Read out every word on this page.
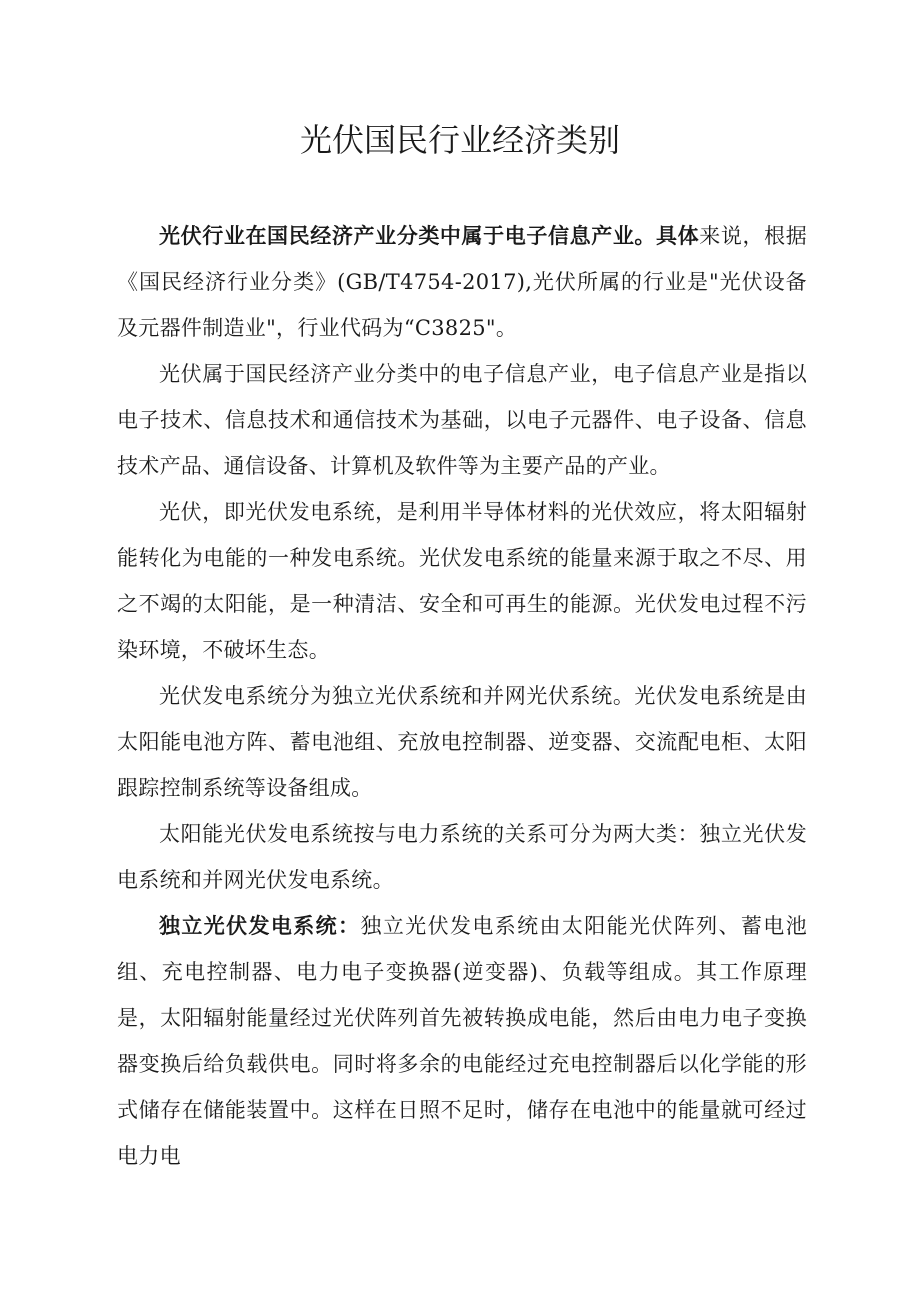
光伏国民行业经济类别

光伏行业在国民经济产业分类中属于电子信息产业。具体来说，根据《国民经济行业分类》(GB/T4754-2017),光伏所属的行业是"光伏设备及元器件制造业"，行业代码为“C3825"。

光伏属于国民经济产业分类中的电子信息产业，电子信息产业是指以电子技术、信息技术和通信技术为基础，以电子元器件、电子设备、信息技术产品、通信设备、计算机及软件等为主要产品的产业。

光伏，即光伏发电系统，是利用半导体材料的光伏效应，将太阳辐射能转化为电能的一种发电系统。光伏发电系统的能量来源于取之不尽、用之不竭的太阳能，是一种清洁、安全和可再生的能源。光伏发电过程不污染环境，不破坏生态。

光伏发电系统分为独立光伏系统和并网光伏系统。光伏发电系统是由太阳能电池方阵、蓄电池组、充放电控制器、逆变器、交流配电柜、太阳跟踪控制系统等设备组成。

太阳能光伏发电系统按与电力系统的关系可分为两大类：独立光伏发电系统和并网光伏发电系统。

独立光伏发电系统：独立光伏发电系统由太阳能光伏阵列、蓄电池组、充电控制器、电力电子变换器(逆变器)、负载等组成。其工作原理是，太阳辐射能量经过光伏阵列首先被转换成电能，然后由电力电子变换器变换后给负载供电。同时将多余的电能经过充电控制器后以化学能的形式储存在储能装置中。这样在日照不足时，储存在电池中的能量就可经过电力电
